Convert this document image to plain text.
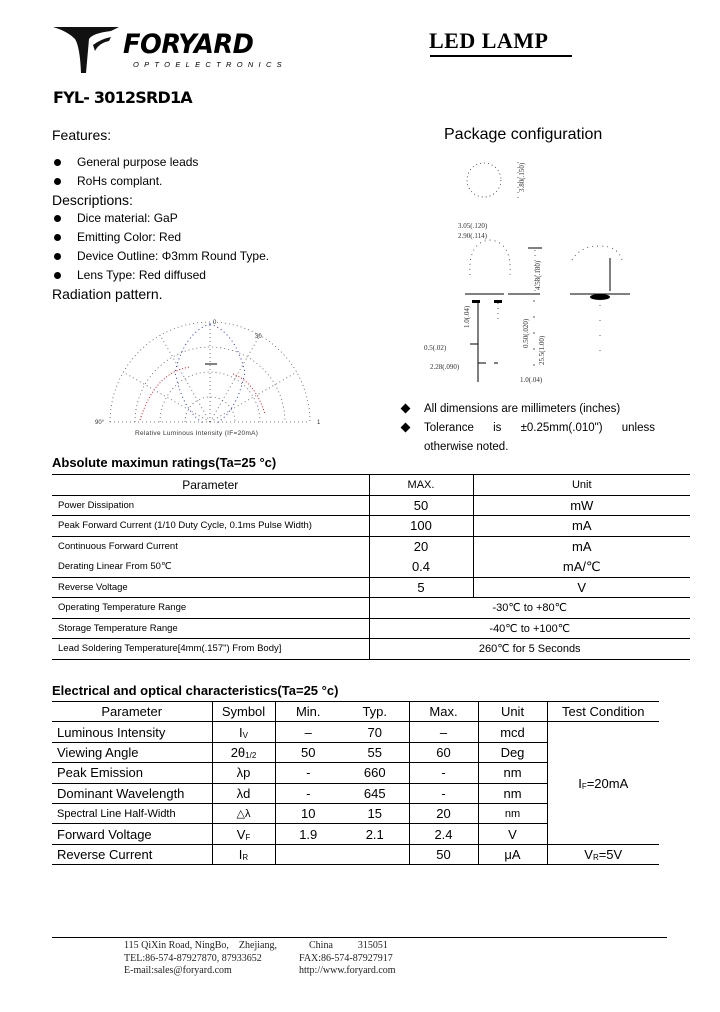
FORYARD
OPTOELECTRONICS
FYL- 3012SRD1A
LED LAMP
Features:
General purpose leads
RoHs complant.
Descriptions:
Dice material: GaP
Emitting Color: Red
Device Outline: Φ3mm Round Type.
Lens Type: Red diffused
Radiation pattern.
90°	1
0
30
Relative Luminous Intensity (IF=20mA)
Package configuration
3.05(.120)
2.90(.114)
0.5(.02)
2.28(.090)
1.0(.04)
3.80(.150)
4.58(.180)
1.0(.04)
0.50(.020)
25.5(1.00)
All dimensions are millimeters (inches)
Tolerance is ±0.25mm(.010") unless
otherwise noted.
Absolute maximun ratings(Ta=25 °c)
Parameter	MAX.	Unit
Power Dissipation	50	mW
Peak Forward Current (1/10 Duty Cycle, 0.1ms Pulse Width)	100	mA
Continuous Forward Current	20	mA
Derating Linear From 50℃	0.4	mA/℃
Reverse Voltage	5	V
Operating Temperature Range	-30℃ to +80℃	
Storage Temperature Range	-40℃ to +100℃	
Lead Soldering Temperature[4mm(.157") From Body]	260℃ for 5 Seconds	
Electrical and optical characteristics(Ta=25 °c)
Parameter	Symbol	Min.	Typ.	Max.	Unit	Test Condition
Luminous Intensity	IV	–	70	–	mcd	IF=20mA
Viewing Angle	2θ1/2	50	55	60	Deg	
Peak Emission	λp	-	660	-	nm	
Dominant Wavelength	λd	-	645	-	nm	
Spectral Line Half-Width	△λ	10	15	20	nm	
Forward Voltage	VF	1.9	2.1	2.4	V	
Reverse Current	IR			50	μA	VR=5V
115 QiXin Road, NingBo,    Zhejiang,	China          315051
TEL:86-574-87927870, 87933652	FAX:86-574-87927917
E-mail:sales@foryard.com	http://www.foryard.com
